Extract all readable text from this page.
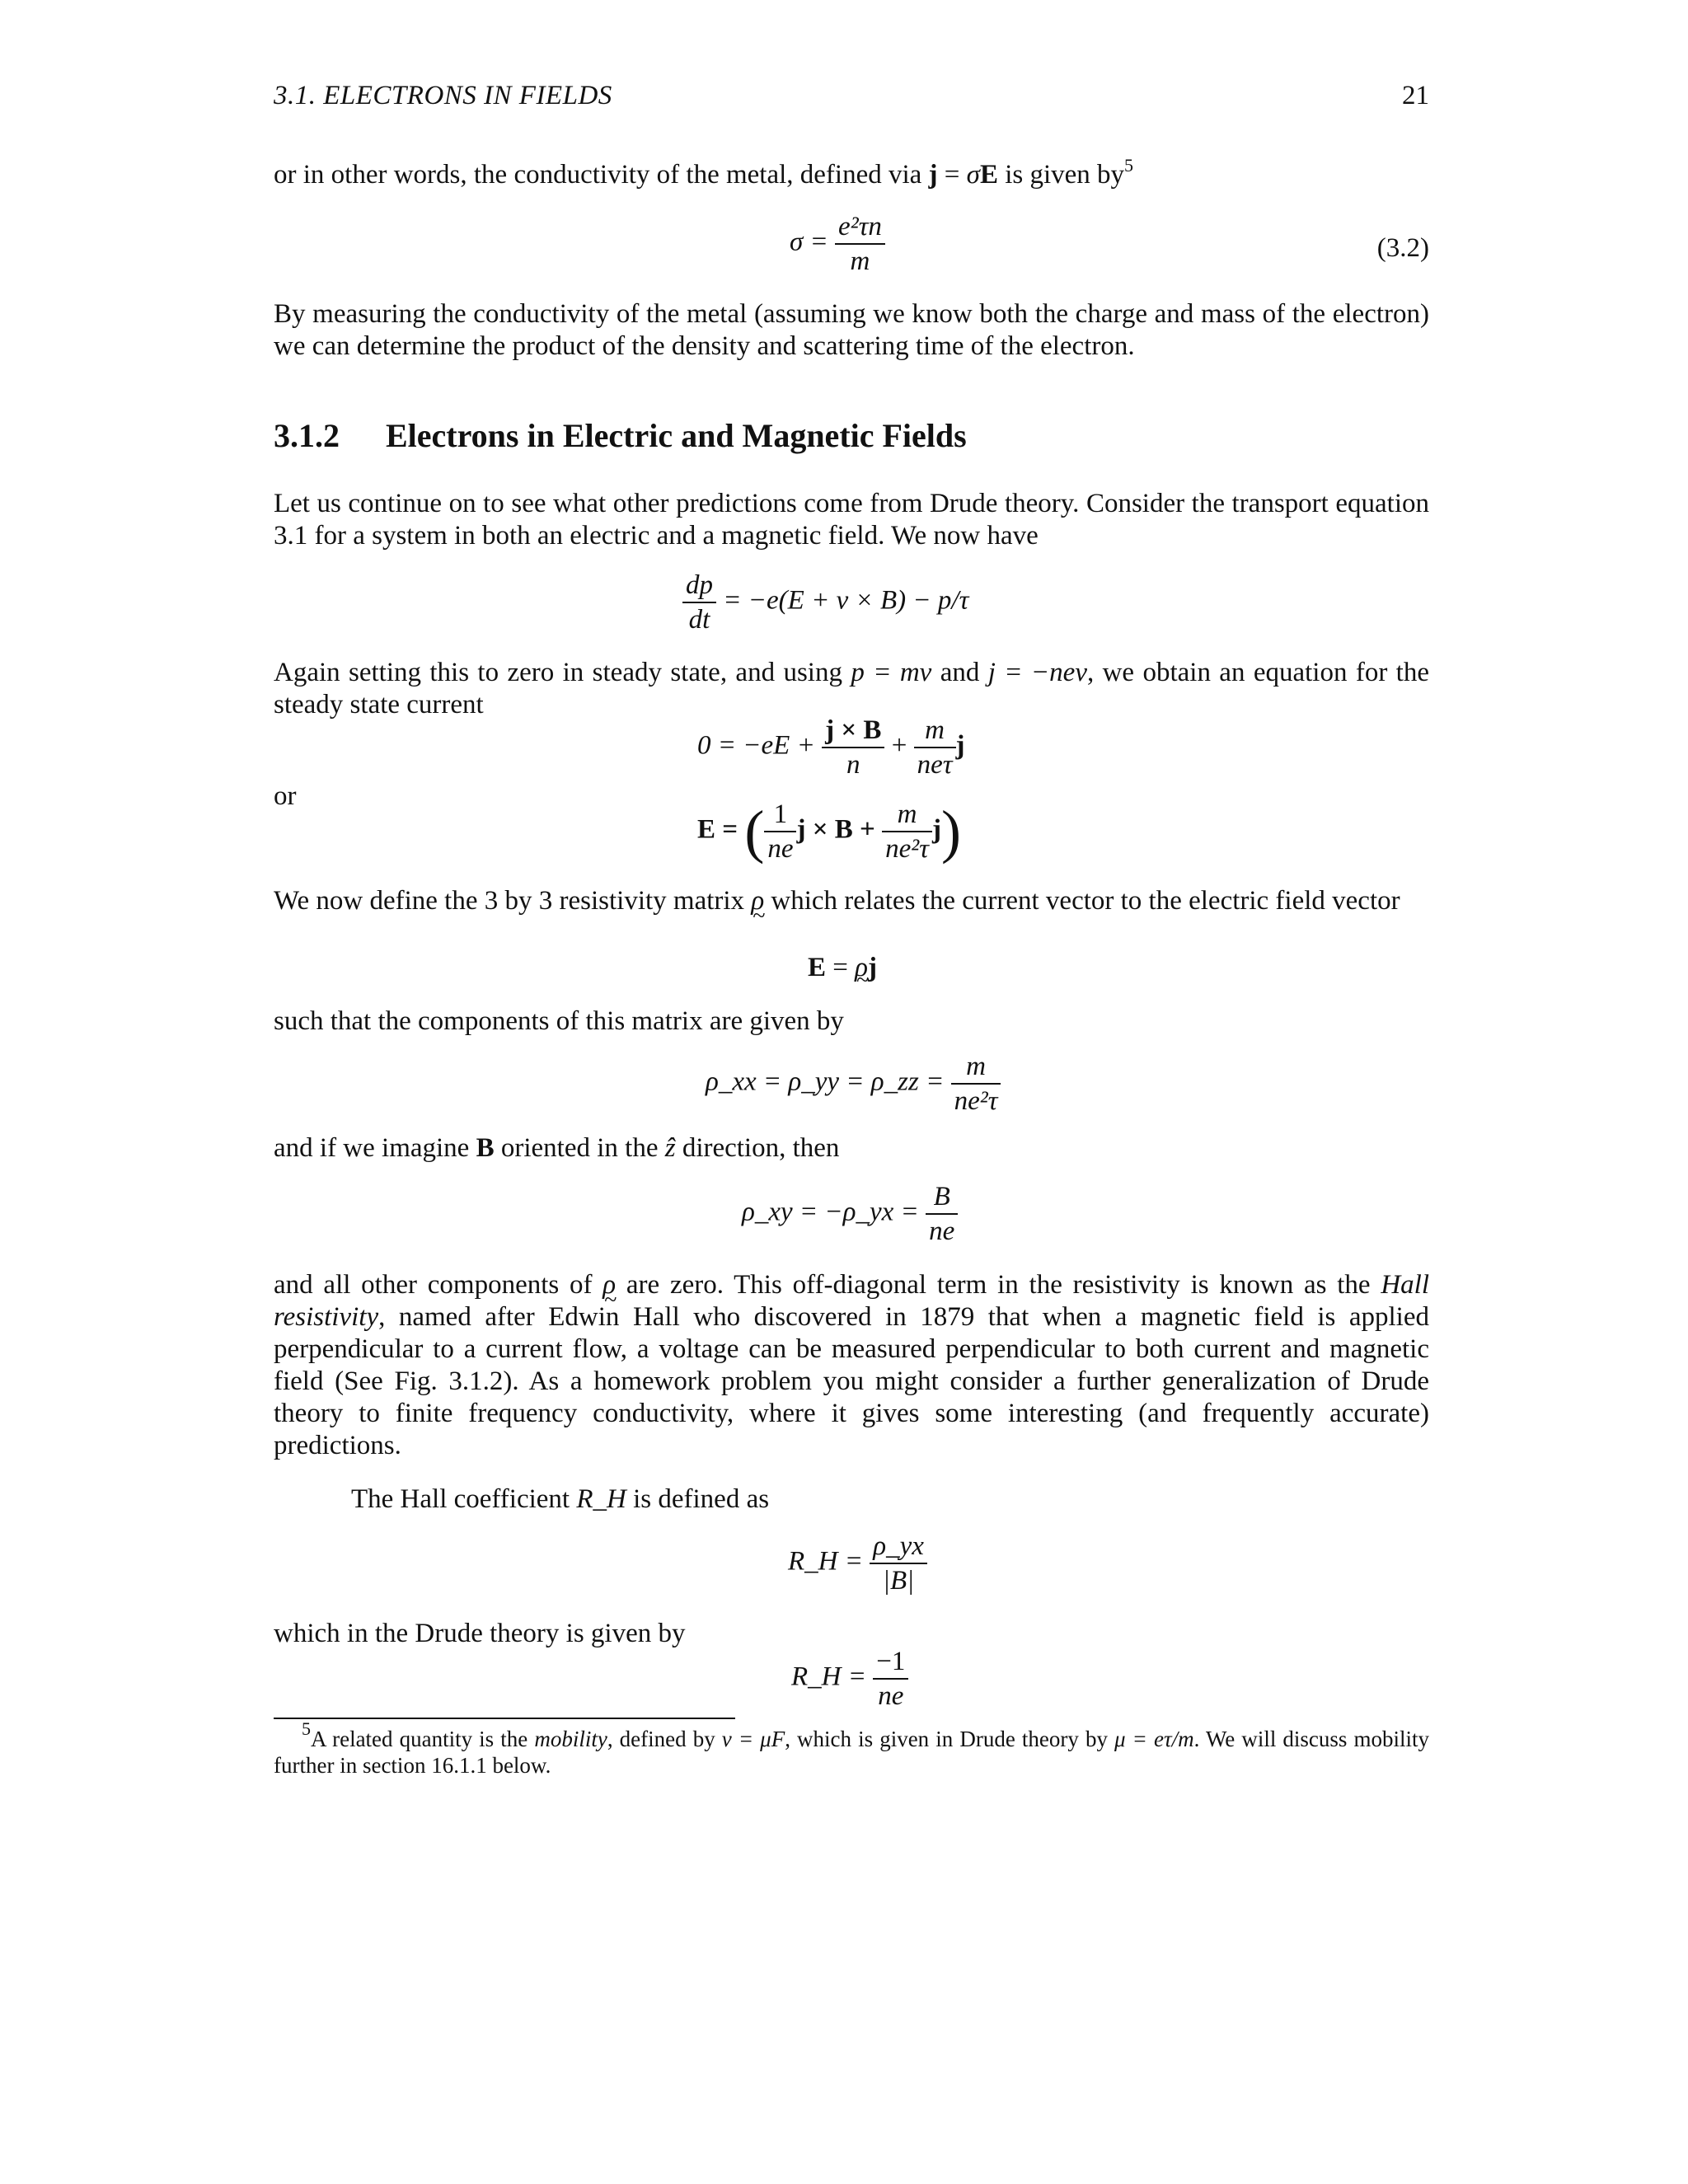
3.1. ELECTRONS IN FIELDS	21
or in other words, the conductivity of the metal, defined via j = σE is given $by^5$
$\sigma = \frac{\text{e²τn}}{m}$	(3.2)
By measuring the conductivity of the metal (assuming we know both the charge and mass of the electron) we can determine the product of the density and scattering time of the electron.
3.1.2 Electrons in Electric and Magnetic Fields
Let us continue on to see what other predictions come from Drude theory. Consider the transport equation 3.1 for a system in both an electric and a magnetic field. We now have
$\frac{dp}{dt} = -e(E + v \times B) - p/\tau$
Again setting this to zero in steady state, and using p = mv and j = −nev, we obtain an equation for the steady state current
$0 = -eE + \frac{j \times B}{n} + \frac{m}{\text{neτ}}$ j
or
E = ( $\frac{1}{ne}$ $j \times B + \frac{m}{\text{ne²τ}} j$)
We now define the 3 by 3 resistivity matrix ρ ~ which relates the current vector to the electric field vector
E = ρ ~j
such that the components of this matrix are given by
ρ_xx = ρ_yy = ρ_zz = $\frac{m}{\text{ne²τ}}$
and if we imagine B oriented in the ẑ direction, then
ρ_xy = −ρ_yx = $\frac{B}{ne}$
and all other components of ρ ~ are zero. This off-diagonal term in the resistivity is known as the Hall resistivity, named after Edwin Hall who discovered in 1879 that when a magnetic field is applied perpendicular to a current flow, a voltage can be measured perpendicular to both current and magnetic field (See Fig. 3.1.2). As a homework problem you might consider a further generalization of Drude theory to finite frequency conductivity, where it gives some interesting (and frequently accurate) predictions.
The Hall coefficient R_H is defined as
R_H = $\frac{\rho\_yx}{|B|}$
which in the Drude theory is given by
R_H = $\frac{-1}{ne}$
$^5$A related quantity is the mobility, defined by v = μF, which is given in Drude theory by μ = eτ/m. We will discuss mobility further in section 16.1.1 below.
